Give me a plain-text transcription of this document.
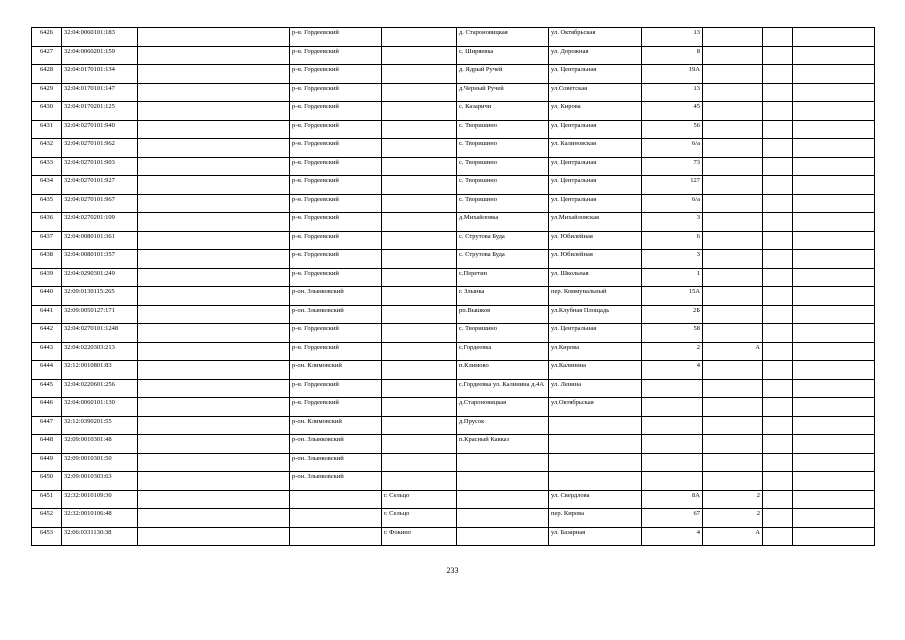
6426	32:04:0060101:183		р-н. Гордеевский		д. Староновицкая	ул. Октябрьская	13			
6427	32:04:0060201:159		р-н. Гордеевский		с. Ширяевка	ул. Дорожная	8			
6428	32:04:0170101:134		р-н. Гордеевский		д. Ядрый Ручей	ул. Центральная	19А			
6429	32:04:0170101:147		р-н. Гордеевский		д.Черный Ручей	ул.Советская	13			
6430	32:04:0170201:125		р-н. Гордеевский		с. Казаричи	ул. Кирова	45			
6431	32:04:0270101:940		р-н. Гордеевский		с. Творишино	ул. Центральная	56			
6432	32:04:0270101:962		р-н. Гордеевский		с. Творишино	ул. Калиновская	6/а			
6433	32:04:0270101:903		р-н. Гордеевский		с. Творишино	ул. Центральная	73			
6434	32:04:0270101:927		р-н. Гордеевский		с. Творишино	ул. Центральная	127			
6435	32:04:0270101:967		р-н. Гордеевский		с. Творишино	ул. Центральная	6/а			
6436	32:04:0270201:109		р-н. Гордеевский		д.Михайловка	ул.Михайловская	3			
6437	32:04:0080101:361		р-н. Гордеевский		с. Струтова Буда	ул. Юбилейная	6			
6438	32:04:0080101:357		р-н. Гордеевский		с. Струтова Буда	ул. Юбилейная	3			
6439	32:04:0290301:249		р-н. Гордеевский		с.Перетин	ул. Школьная	1			
6440	32:09:0130115:265		р-он. Злынковский		г. Злынка	пер. Коммунальный	15А			
6441	32:09:0050127:171		р-он. Злынковский		рп.Вышков	ул.Клубная Площадь	2Б			
6442	32:04:0270101:1248		р-н. Гордеевский		с. Творишино	ул. Центральная	58			
6443	32:04:0220303:213		р-н. Гордеевский		с.Гордеевка	ул.Кирова	2	А		
6444	32:12:0010801:83		р-он. Климовский		п.Климово	ул.Калинина	4			
6445	32:04:0220601:256		р-н. Гордеевский		с.Гордеевка ул. Калинина д.4А	ул. Ленина				
6446	32:04:0060101:130		р-н. Гордеевский		д.Староновицкая	ул.Октябрьская				
6447	32:12:0390201:55		р-он. Климовский		д.Прусок					
6448	32:09:0010301:48		р-он. Злынковский		п.Красный Кавказ					
6449	32:09:0010301:50		р-он. Злынковский							
6450	32:09:0010303:63		р-он. Злынковский							
6451	32:32:0010109:30			г. Сельцо		ул. Свердлова	8А	2		
6452	32:32:0010106:48			г. Сельцо		пер. Кирова	67	2		
6453	32:06:0331130:38			г. Фокино		ул. Базарная	4	А		
233
